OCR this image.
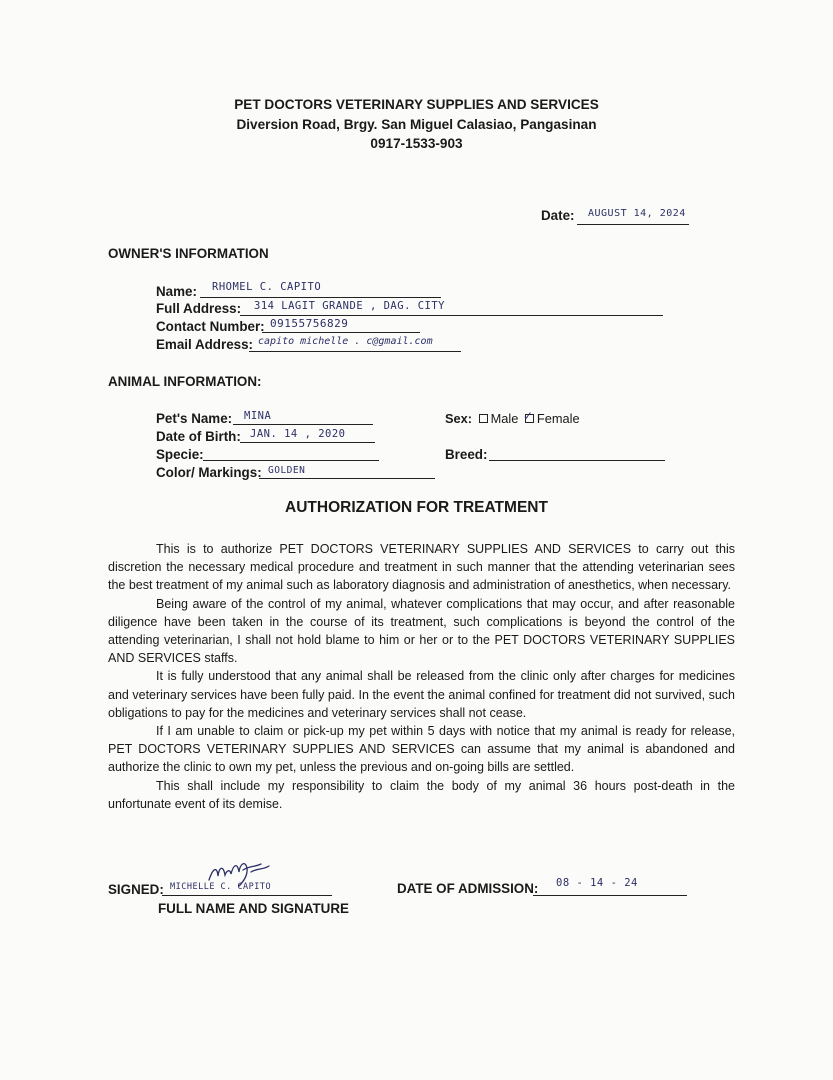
PET DOCTORS VETERINARY SUPPLIES AND SERVICES
Diversion Road, Brgy. San Miguel Calasiao, Pangasinan
0917-1533-903
Date: AUGUST 14, 2024
OWNER'S INFORMATION
Name: RHOMEL C. CAPITO
Full Address: 314 LAGIT GRANDE , DAG. CITY
Contact Number: 09155756829
Email Address: capito michelle . c@gmail.com
ANIMAL INFORMATION:
Pet's Name: MINA
Date of Birth: JAN. 14 , 2020
Specie:
Color/ Markings: GOLDEN
Sex: Male ✓ Female
Breed:
AUTHORIZATION FOR TREATMENT

This is to authorize PET DOCTORS VETERINARY SUPPLIES AND SERVICES to carry out this discretion the necessary medical procedure and treatment in such manner that the attending veterinarian sees the best treatment of my animal such as laboratory diagnosis and administration of anesthetics, when necessary.

Being aware of the control of my animal, whatever complications that may occur, and after reasonable diligence have been taken in the course of its treatment, such complications is beyond the control of the attending veterinarian, I shall not hold blame to him or her or to the PET DOCTORS VETERINARY SUPPLIES AND SERVICES staffs.

It is fully understood that any animal shall be released from the clinic only after charges for medicines and veterinary services have been fully paid. In the event the animal confined for treatment did not survived, such obligations to pay for the medicines and veterinary services shall not cease.

If I am unable to claim or pick-up my pet within 5 days with notice that my animal is ready for release, PET DOCTORS VETERINARY SUPPLIES AND SERVICES can assume that my animal is abandoned and authorize the clinic to own my pet, unless the previous and on-going bills are settled.

This shall include my responsibility to claim the body of my animal 36 hours post-death in the unfortunate event of its demise.

SIGNED: MICHELLE C. CAPITO
FULL NAME AND SIGNATURE
DATE OF ADMISSION: 08 - 14 - 24
